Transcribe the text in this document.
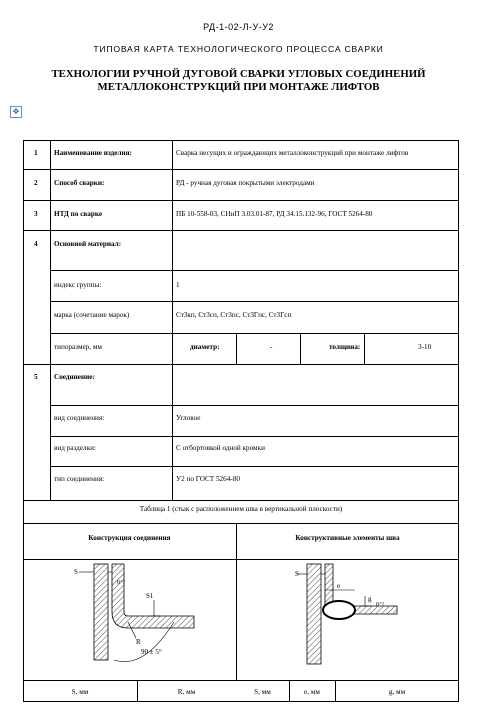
РД-1-02-Л-У-У2
ТИПОВАЯ КАРТА ТЕХНОЛОГИЧЕСКОГО ПРОЦЕССА СВАРКИ
ТЕХНОЛОГИИ РУЧНОЙ ДУГОВОЙ СВАРКИ УГЛОВЫХ СОЕДИНЕНИЙ
МЕТАЛЛОКОНСТРУКЦИЙ ПРИ МОНТАЖЕ ЛИФТОВ
✥
1 Наименование изделия:	Сварка несущих и ограждающих металлоконструкций при монтаже лифтов
2 Способ сварки:	РД - ручная дуговая покрытыми электродами
3 НТД по сварке	ПБ 10-558-03, СНиП 3.03.01-87, РД 34.15.132-96, ГОСТ 5264-80
4 Основной материал:
индекс группы:	1
марка (сочетание марок)	Ст3кп, Ст3сп, Ст3пс, Ст3Гпс, Ст3Гсп
типоразмер, мм	диаметр:	-	толщина:	3-10
5 Соединение:
вид соединения:	Угловое
вид разделки:	С отбортовкой одной кромки
тип соединения:	У2 по ГОСТ 5264-80
Таблица 1 (стык с расположением шва в вертикальной плоскости)
Конструкция соединения	Конструктивные элементы шва
S
0⁺²
S1
R
90 ± 5°
S
e
g
0⁺²
S, мм	R, мм	S, мм	e, мм	g, мм
